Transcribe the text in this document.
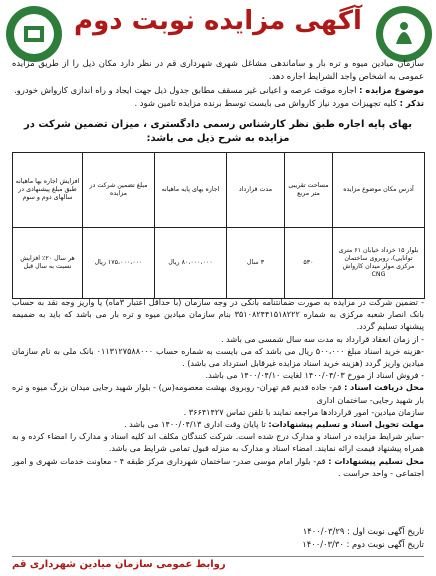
آگهی مزایده نوبت دوم
سازمان میادین میوه و تره بار و ساماندهی مشاغل شهری شهرداری قم در نظر دارد مکان ذیل را از طریق مزایده عمومی به اشخاص واجد الشرایط اجاره دهد.
موضوع مزایده : اجاره موقت عرصه و اعیانی غیر مسقف مطابق جدول ذیل جهت ایجاد و راه اندازی کارواش خودرو.
تذکر : کلیه تجهیزات مورد نیاز کارواش می بایست توسط برنده مزایده تامین شود .
بهای پایه اجاره طبق نظر کارشناس رسمی دادگستری ، میزان تضمین شرکت در مزایده به شرح ذیل می باشد:
آدرس مکان موضوع مزایده	مساحت تقریبی متر مربع	مدت قرارداد	اجاره بهای پایه ماهیانه	مبلغ تضمین شرکت در مزایده	افزایش اجاره بها ماهیانه طبق مبلغ پیشنهادی در سالهای دوم و سوم
بلوار ۱۵ خرداد خیابان ۶۱ متری توانایی)، روبروی ساختمان مرکزی مولر میدان کارواش CNG	۵۳۰	۳ سال	۸۰،۰۰۰،۰۰۰ ریال	۱۷۵،۰۰۰،۰۰۰ ریال	هر سال ۲۰٪ افزایش نسبت به سال قبل
- تضمین شرکت در مزایده به صورت ضمانتنامه بانکی در وجه سازمان (با حداقل اعتبار ۳ماه) یا واریز وجه نقد به حساب بانک انصار شعبه مرکزی به شماره ۳۵۱۰۸۲۴۴۱۵۱۸۲۲۲ بنام سازمان میادین میوه و تره بار می باشد که باید به ضمیمه پیشنهاد تسلیم گردد.
- از زمان انعقاد قرارداد به مدت سه سال شمسی می باشد .
-هزینه خرید اسناد مبلغ ۵۰۰،۰۰۰ ریال می باشد که می بایست به شماره حساب ۰۱۱۳۱۲۷۵۸۸۰۰۰ بانک ملی به نام سازمان میادین واریز گردد (هزینه خرید اسناد مزایده غیرقابل استرداد می باشد) .
- فروش اسناد از مورخ ۱۴۰۰/۰۴/۰۳ لغایت ۱۴۰۰/۰۴/۱۰ می باشد.
محل دریافت اسناد : قم- جاده قدیم قم تهران- روبروی بهشت معصومه(س) - بلوار شهید رجایی میدان بزرگ میوه و تره بار شهید رجایی- ساختمان اداری
سازمان میادین- امور قراردادها مراجعه نمایند با تلفن تماس ۳۶۶۴۱۴۲۷ .
مهلت تحویل اسناد و تسلیم پیشنهادات: تا پایان وقت اداری ۱۴۰۰/۰۴/۱۳ می باشد .
-سایر شرایط مزایده در اسناد و مدارک درج شده است. شرکت کنندگان مکلف اند کلیه اسناد و مدارک را امضاء کرده و به همراه پیشنهاد قیمت ارائه نمایند. امضاء اسناد و مدارک به منزله قبول تمامی شرایط می باشد.
محل تسلیم پیشنهادات : قم- بلوار امام موسی صدر- ساختمان شهرداری مرکز طبقه ۴ - معاونت خدمات شهری و امور اجتماعی - واحد حراست .
تاریخ آگهی نوبت اول : ۱۴۰۰/۰۳/۲۹
تاریخ آگهی نوبت دوم : ۱۴۰۰/۰۳/۳۰
روابط عمومی سازمان میادین شهرداری قم
